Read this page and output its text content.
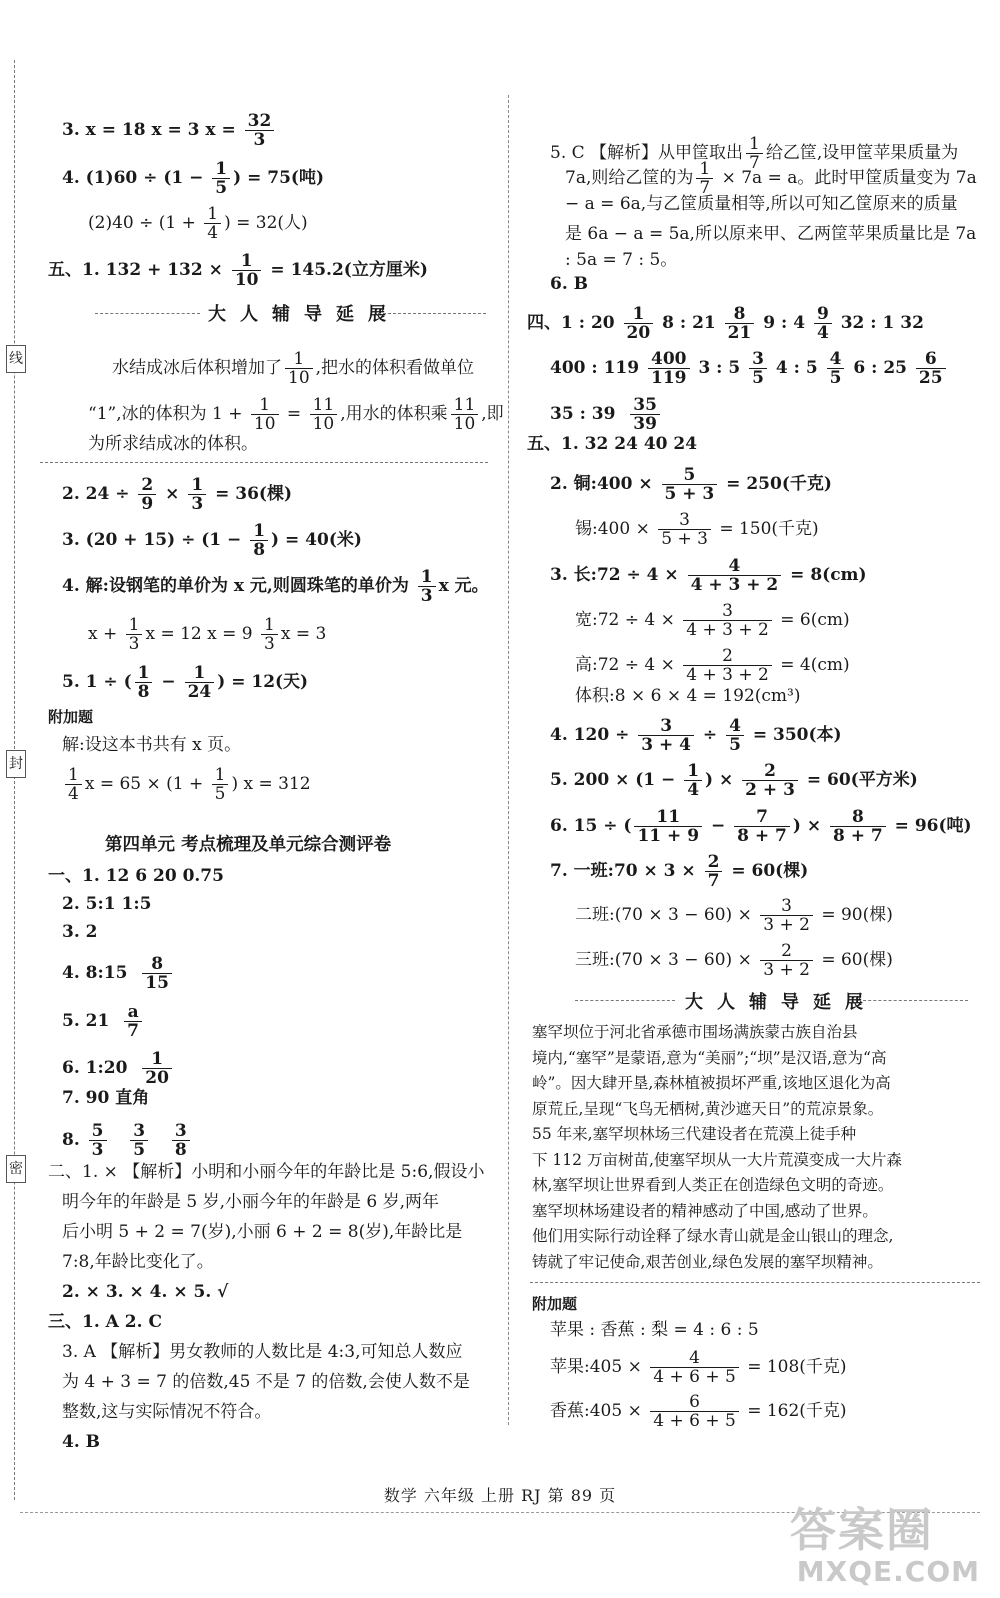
线
封
密
3. x = 18 x = 3 $x = \frac{32}{3}$
4. $(1)60 \div (1 - \frac{1}{5}$ ) = 75(吨)
$(2)40 \div (1 + \frac{1}{4}$ ) = 32(人)
五、1. $132 + 132 \times \frac{1}{10} = 145.2$(立方厘米)
大人辅导延展
水结成冰后体积增加了 $\frac{1}{10}$ ,把水的体积看做单位
“1”,冰的体积为 $1 + \frac{1}{10} = \frac{11}{10}$ ,用水的体积乘 $\frac{11}{10}$ ,即
为所求结成冰的体积。
2. $24 \div \frac{2}{9} \times \frac{1}{3} = 36$(棵)
3. $(20 + 15) \div (1 - \frac{1}{8}$ ) = 40(米)
4. 解:设钢笔的单价为 x 元,则圆珠笔的单价为 $\frac{1}{3}$ x 元。
$x + \frac{1}{3}$ x = 12 $x = 9 \frac{1}{3}$ x = 3
5. 1 ÷ ( $\frac{1}{8} - \frac{1}{24}$ ) = 12(天)
附加题
解:设这本书共有 x 页。
$\frac{1}{4}$ $x = 65 \times (1 + \frac{1}{5}$ ) x = 312
第四单元 考点梳理及单元综合测评卷
一、1. 12 6 20 0.75
2. 5:1 1:5
3. 2
4. 8:15 $\frac{8}{15}$
5. $21 \frac{a}{7}$
6. 1:20 $\frac{1}{20}$
7. 90 直角
8. $\frac{5}{3}$
$\frac{3}{5}$
$\frac{3}{8}$
二、1. × 【解析】小明和小丽今年的年龄比是 5:6,假设小
明今年的年龄是 5 岁,小丽今年的年龄是 6 岁,两年
后小明 5 + 2 = 7(岁),小丽 6 + 2 = 8(岁),年龄比是
7:8,年龄比变化了。
2. × 3. × 4. × 5. √
三、1. A 2. C
3. A 【解析】男女教师的人数比是 4:3,可知总人数应
为 4 + 3 = 7 的倍数,45 不是 7 的倍数,会使人数不是
整数,这与实际情况不符合。
4. B
5. C 【解析】从甲筐取出 $\frac{1}{7}$ 给乙筐,设甲筐苹果质量为
7a,则给乙筐的为 $\frac{1}{7} \times 7a = a$。此时甲筐质量变为 7a
− a = 6a,与乙筐质量相等,所以可知乙筐原来的质量
是 6a − a = 5a,所以原来甲、乙两筐苹果质量比是 7a
: 5a = 7 : 5。
6. B
四、1 : $20 \frac{1}{20} 8$ : $21 \frac{8}{21} 9$ : $4 \frac{9}{4} 32$ : 1 32
400 : $119 \frac{400}{119} 3$ : $5 \frac{3}{5} 4$ : $5 \frac{4}{5} 6$ : $25 \frac{6}{25}$
35 : $39 \frac{35}{39}$
五、1. 32 24 40 24
2. 铜:400 × $\frac{5}{5 + 3} = 250$(千克)
锡:400 × $\frac{3}{5 + 3} = 150$(千克)
3. 长:72 ÷ $4 \times \frac{4}{4 + 3 + 2} = 8(cm)$
宽:72 ÷ $4 \times \frac{3}{4 + 3 + 2} = 6(cm)$
高:72 ÷ $4 \times \frac{2}{4 + 3 + 2} = 4(cm)$
体积:8 × 6 × 4 = 192(cm³)
4. $120 \div \frac{3}{3 + 4} \div \frac{4}{5} = 350$(本)
5. $200 \times (1 - \frac{1}{4}$ ) × $\frac{2}{2 + 3} = 60$(平方米)
6. 15 ÷ ( $\frac{11}{11 + 9} - \frac{7}{8 + 7}$ ) × $\frac{8}{8 + 7} = 96$(吨)
7. 一班:70 × $3 \times \frac{2}{7} = 60$(棵)
二班:(70 × $3 - 60) \times \frac{3}{3 + 2} = 90$(棵)
三班:(70 × $3 - 60) \times \frac{2}{3 + 2} = 60$(棵)
大人辅导延展
塞罕坝位于河北省承德市围场满族蒙古族自治县
境内,“塞罕”是蒙语,意为“美丽”;“坝”是汉语,意为“高
岭”。因大肆开垦,森林植被损坏严重,该地区退化为高
原荒丘,呈现“飞鸟无栖树,黄沙遮天日”的荒凉景象。
55 年来,塞罕坝林场三代建设者在荒漠上徒手种
下 112 万亩树苗,使塞罕坝从一大片荒漠变成一大片森
林,塞罕坝让世界看到人类正在创造绿色文明的奇迹。
塞罕坝林场建设者的精神感动了中国,感动了世界。
他们用实际行动诠释了绿水青山就是金山银山的理念,
铸就了牢记使命,艰苦创业,绿色发展的塞罕坝精神。
附加题
苹果 : 香蕉 : 梨 = 4 : 6 : 5
苹果:405 × $\frac{4}{4 + 6 + 5} = 108$(千克)
香蕉:405 × $\frac{6}{4 + 6 + 5} = 162$(千克)
数学 六年级 上册 RJ 第 89 页
答案圈
MXQE.COM
